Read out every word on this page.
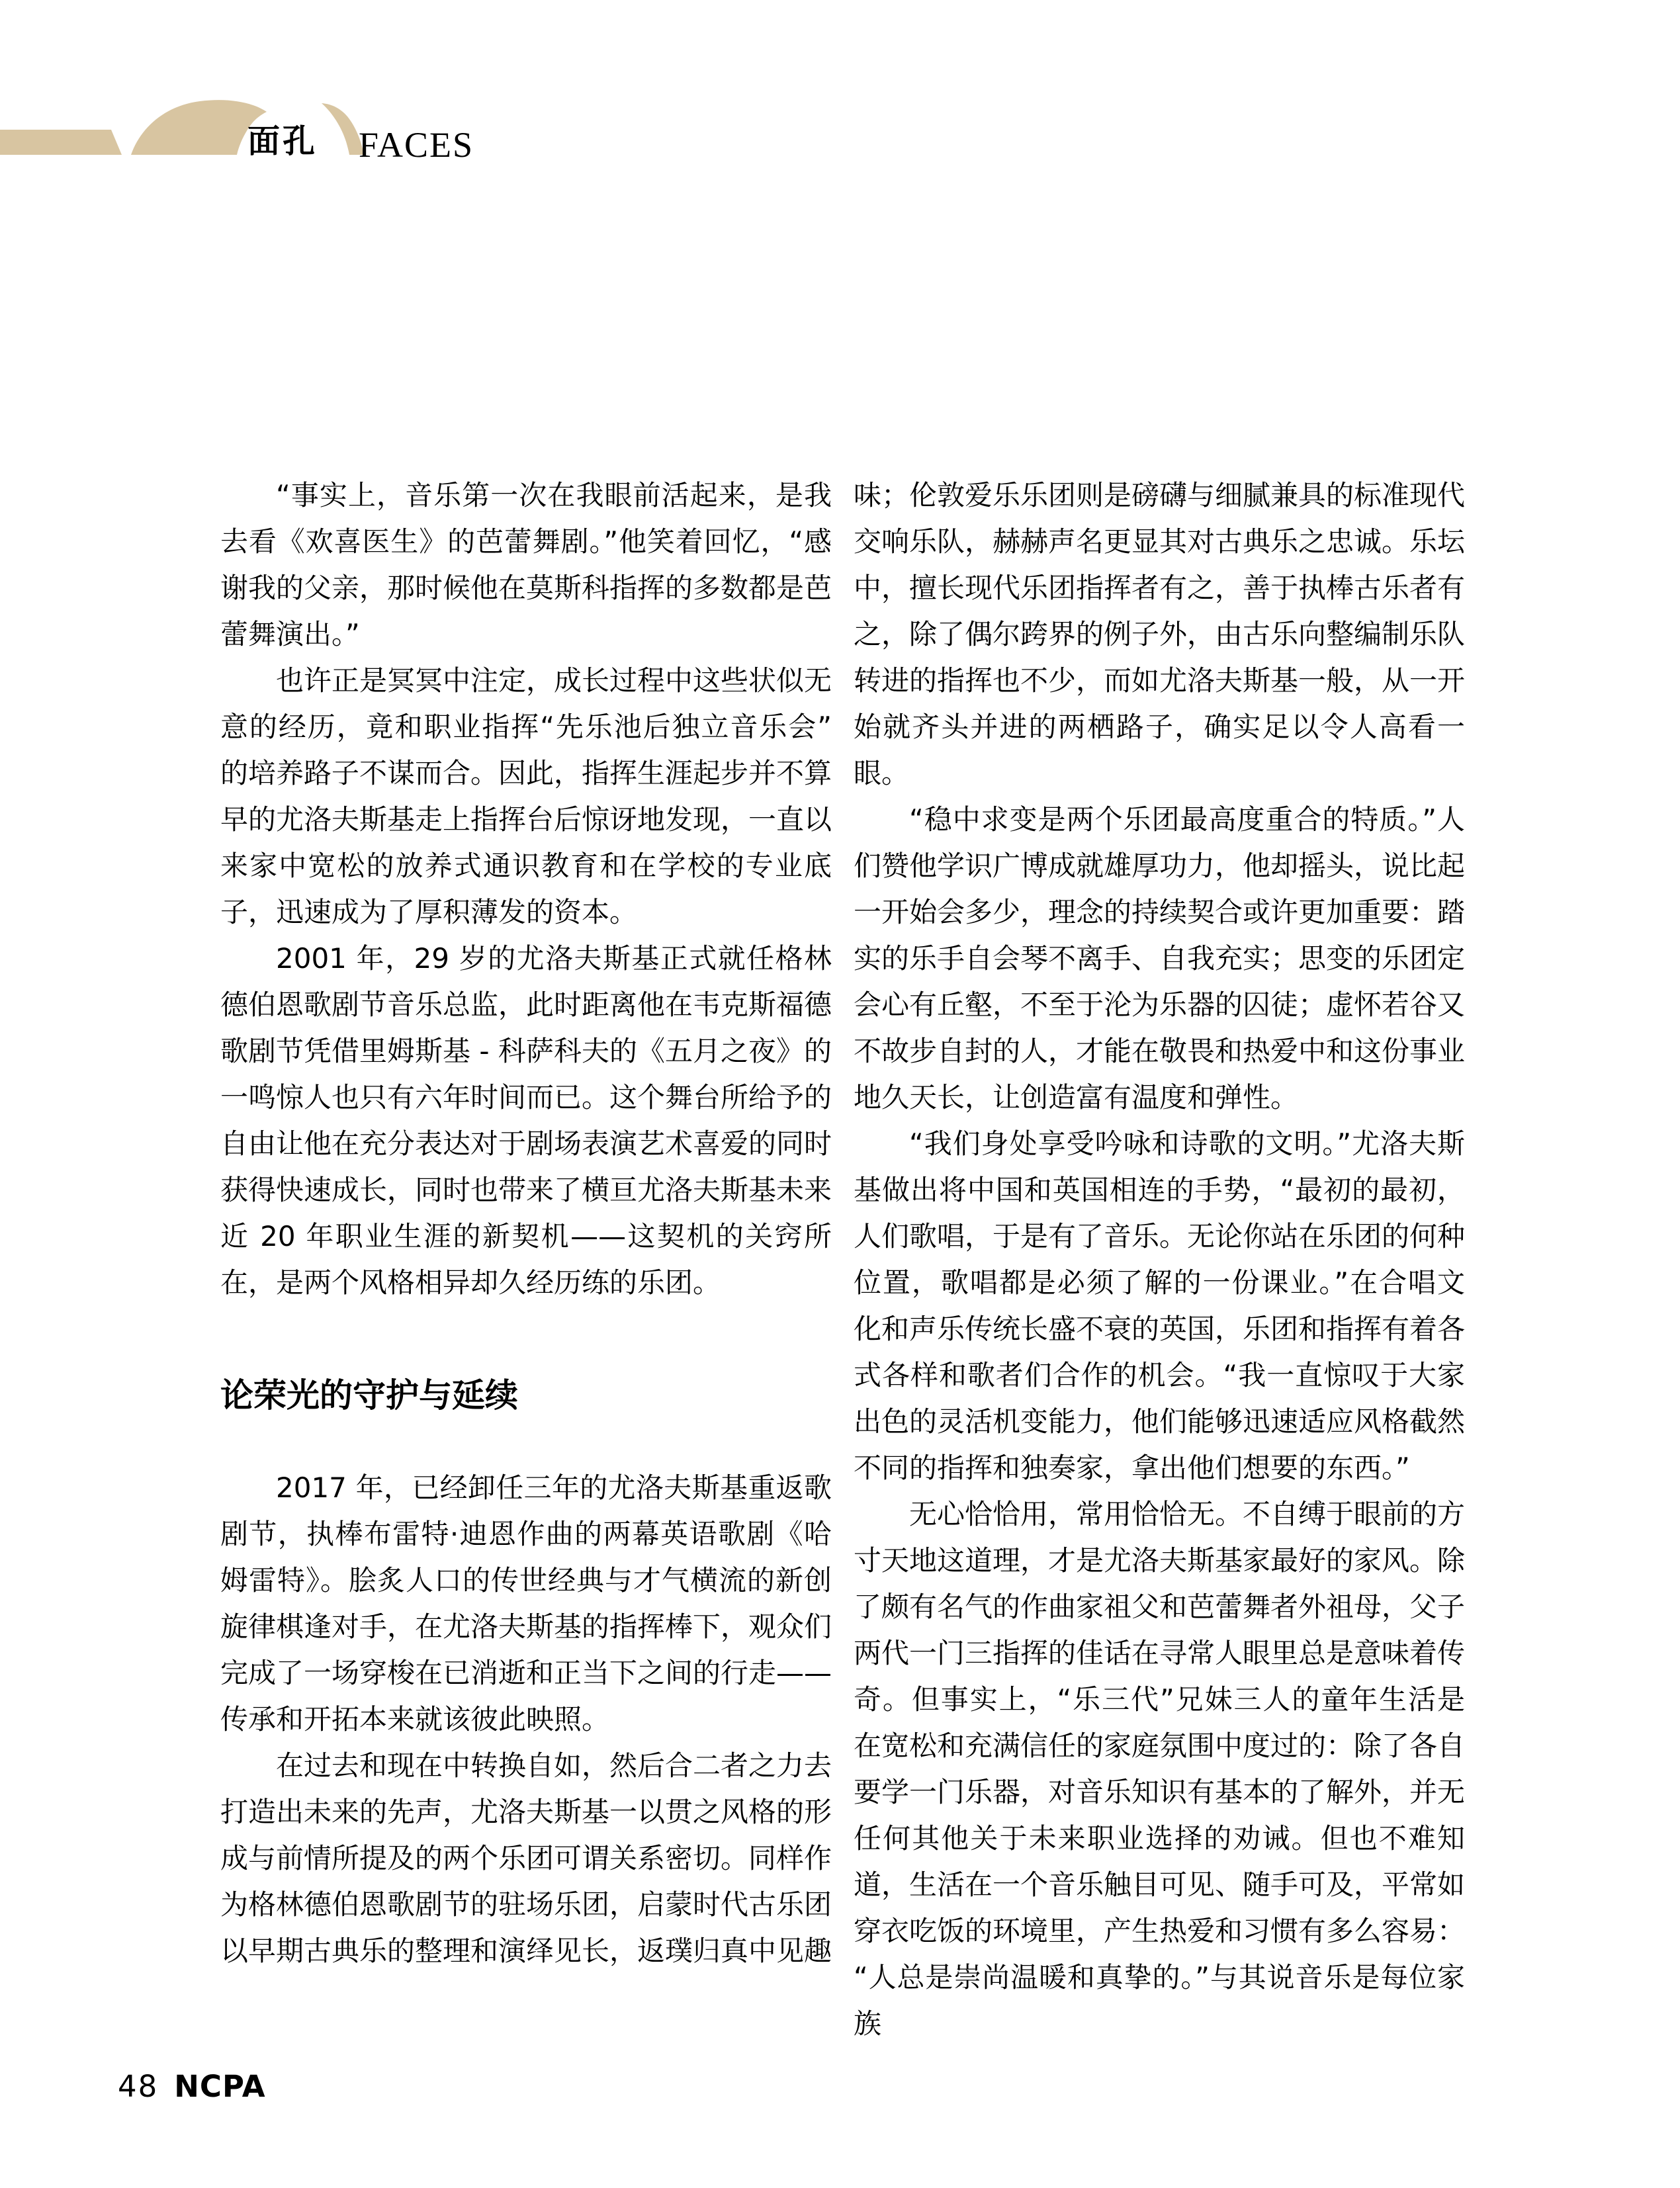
面孔 FACES

“事实上，音乐第一次在我眼前活起来，是我去看《欢喜医生》的芭蕾舞剧。”他笑着回忆，“感谢我的父亲，那时候他在莫斯科指挥的多数都是芭蕾舞演出。”

也许正是冥冥中注定，成长过程中这些状似无意的经历，竟和职业指挥“先乐池后独立音乐会”的培养路子不谋而合。因此，指挥生涯起步并不算早的尤洛夫斯基走上指挥台后惊讶地发现，一直以来家中宽松的放养式通识教育和在学校的专业底子，迅速成为了厚积薄发的资本。

2001 年，29 岁的尤洛夫斯基正式就任格林德伯恩歌剧节音乐总监，此时距离他在韦克斯福德歌剧节凭借里姆斯基 - 科萨科夫的《五月之夜》的一鸣惊人也只有六年时间而已。这个舞台所给予的自由让他在充分表达对于剧场表演艺术喜爱的同时获得快速成长，同时也带来了横亘尤洛夫斯基未来近 20 年职业生涯的新契机——这契机的关窍所在，是两个风格相异却久经历练的乐团。

论荣光的守护与延续

2017 年，已经卸任三年的尤洛夫斯基重返歌剧节，执棒布雷特·迪恩作曲的两幕英语歌剧《哈姆雷特》。脍炙人口的传世经典与才气横流的新创旋律棋逢对手，在尤洛夫斯基的指挥棒下，观众们完成了一场穿梭在已消逝和正当下之间的行走——传承和开拓本来就该彼此映照。

在过去和现在中转换自如，然后合二者之力去打造出未来的先声，尤洛夫斯基一以贯之风格的形成与前情所提及的两个乐团可谓关系密切。同样作为格林德伯恩歌剧节的驻场乐团，启蒙时代古乐团以早期古典乐的整理和演绎见长，返璞归真中见趣

味；伦敦爱乐乐团则是磅礴与细腻兼具的标准现代交响乐队，赫赫声名更显其对古典乐之忠诚。乐坛中，擅长现代乐团指挥者有之，善于执棒古乐者有之，除了偶尔跨界的例子外，由古乐向整编制乐队转进的指挥也不少，而如尤洛夫斯基一般，从一开始就齐头并进的两栖路子，确实足以令人高看一眼。

“稳中求变是两个乐团最高度重合的特质。”人们赞他学识广博成就雄厚功力，他却摇头，说比起一开始会多少，理念的持续契合或许更加重要：踏实的乐手自会琴不离手、自我充实；思变的乐团定会心有丘壑，不至于沦为乐器的囚徒；虚怀若谷又不故步自封的人，才能在敬畏和热爱中和这份事业地久天长，让创造富有温度和弹性。

“我们身处享受吟咏和诗歌的文明。”尤洛夫斯基做出将中国和英国相连的手势，“最初的最初，人们歌唱，于是有了音乐。无论你站在乐团的何种位置，歌唱都是必须了解的一份课业。”在合唱文化和声乐传统长盛不衰的英国，乐团和指挥有着各式各样和歌者们合作的机会。“我一直惊叹于大家出色的灵活机变能力，他们能够迅速适应风格截然不同的指挥和独奏家，拿出他们想要的东西。”

无心恰恰用，常用恰恰无。不自缚于眼前的方寸天地这道理，才是尤洛夫斯基家最好的家风。除了颇有名气的作曲家祖父和芭蕾舞者外祖母，父子两代一门三指挥的佳话在寻常人眼里总是意味着传奇。但事实上，“乐三代”兄妹三人的童年生活是在宽松和充满信任的家庭氛围中度过的：除了各自要学一门乐器，对音乐知识有基本的了解外，并无任何其他关于未来职业选择的劝诫。但也不难知道，生活在一个音乐触目可见、随手可及，平常如穿衣吃饭的环境里，产生热爱和习惯有多么容易：“人总是崇尚温暖和真挚的。”与其说音乐是每位家族

48 NCPA
